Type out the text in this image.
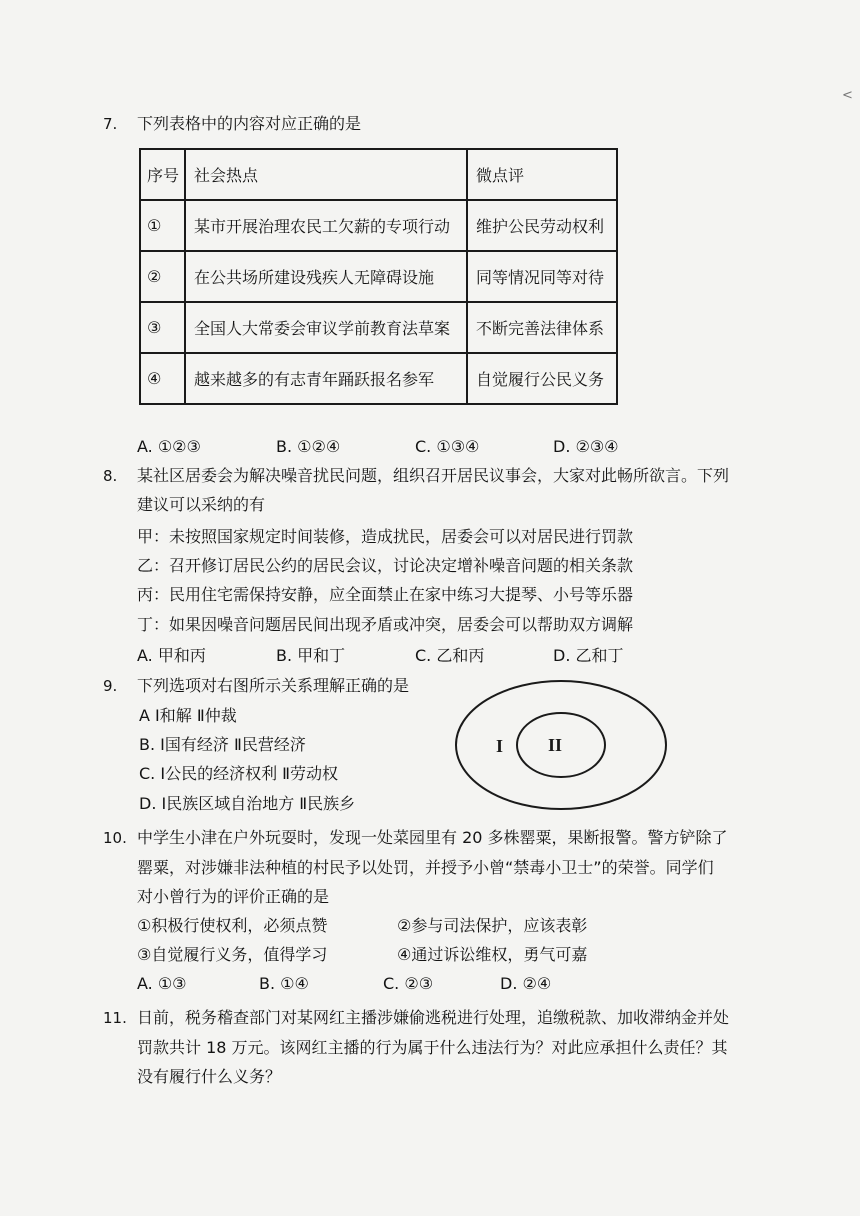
<
7. 下列表格中的内容对应正确的是
序号	社会热点	微点评
①	某市开展治理农民工欠薪的专项行动	维护公民劳动权利
②	在公共场所建设残疾人无障碍设施	同等情况同等对待
③	全国人大常委会审议学前教育法草案	不断完善法律体系
④	越来越多的有志青年踊跃报名参军	自觉履行公民义务
A. ①②③	B. ①②④	C. ①③④	D. ②③④
8. 某社区居委会为解决噪音扰民问题，组织召开居民议事会，大家对此畅所欲言。下列
建议可以采纳的有
甲：未按照国家规定时间装修，造成扰民，居委会可以对居民进行罚款
乙：召开修订居民公约的居民会议，讨论决定增补噪音问题的相关条款
丙：民用住宅需保持安静，应全面禁止在家中练习大提琴、小号等乐器
丁：如果因噪音问题居民间出现矛盾或冲突，居委会可以帮助双方调解
A. 甲和丙	B. 甲和丁	C. 乙和丙	D. 乙和丁
9. 下列选项对右图所示关系理解正确的是
A Ⅰ和解 Ⅱ仲裁
B. Ⅰ国有经济 Ⅱ民营经济
C. Ⅰ公民的经济权利 Ⅱ劳动权
D. Ⅰ民族区域自治地方 Ⅱ民族乡
I II
10. 中学生小津在户外玩耍时，发现一处菜园里有 20 多株罂粟，果断报警。警方铲除了
罂粟，对涉嫌非法种植的村民予以处罚，并授予小曾“禁毒小卫士”的荣誉。同学们
对小曾行为的评价正确的是
①积极行使权利，必须点赞	②参与司法保护，应该表彰
③自觉履行义务，值得学习	④通过诉讼维权，勇气可嘉
A. ①③	B. ①④	C. ②③	D. ②④
11. 日前，税务稽查部门对某网红主播涉嫌偷逃税进行处理，追缴税款、加收滞纳金并处
罚款共计 18 万元。该网红主播的行为属于什么违法行为？对此应承担什么责任？其
没有履行什么义务？
